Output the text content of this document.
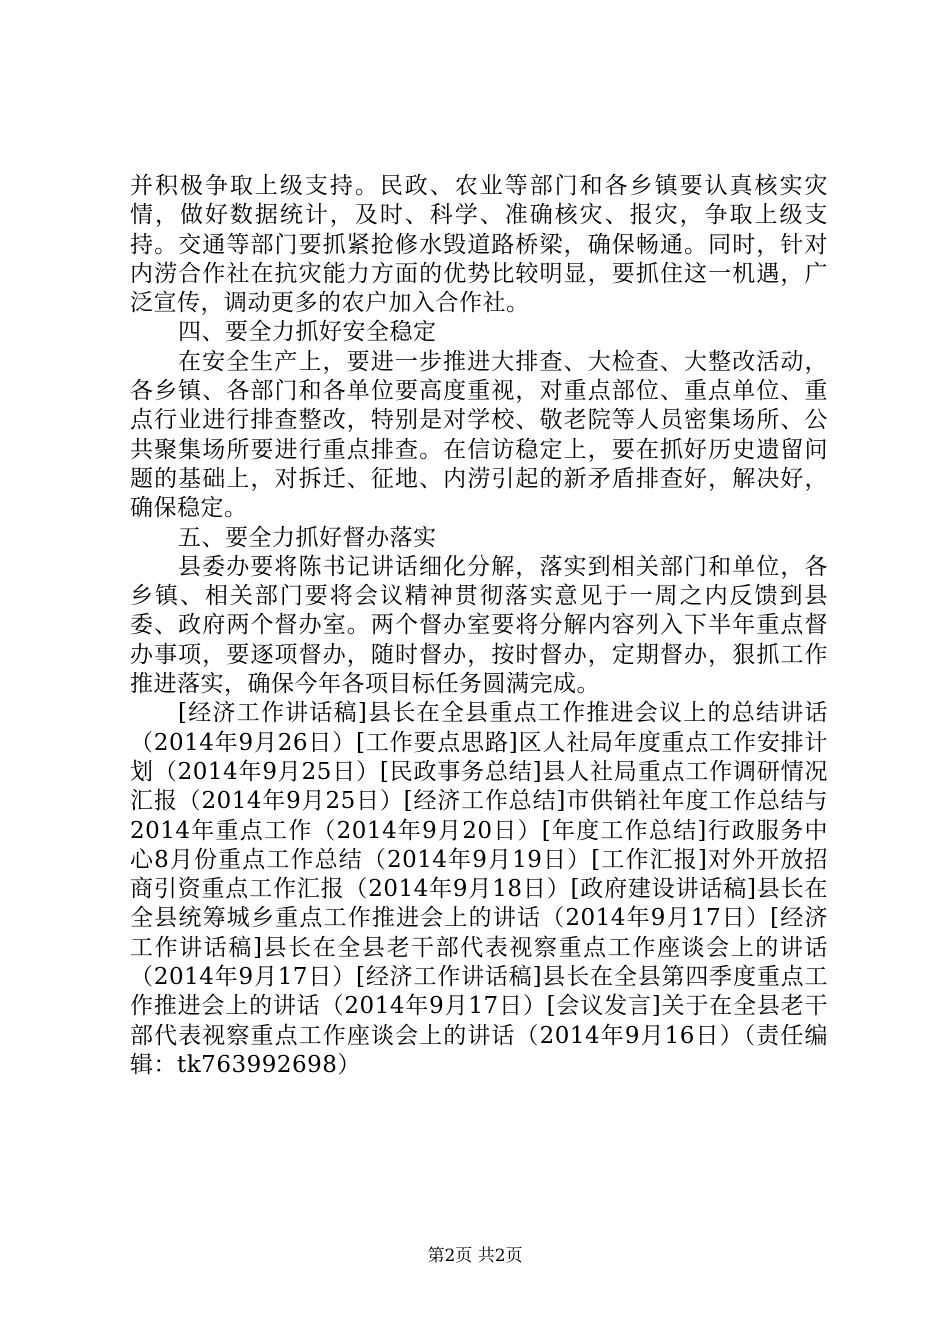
并积极争取上级支持。民政、农业等部门和各乡镇要认真核实灾情，做好数据统计，及时、科学、准确核灾、报灾，争取上级支持。交通等部门要抓紧抢修水毁道路桥梁，确保畅通。同时，针对内涝合作社在抗灾能力方面的优势比较明显，要抓住这一机遇，广泛宣传，调动更多的农户加入合作社。

四、要全力抓好安全稳定

在安全生产上，要进一步推进大排查、大检查、大整改活动，各乡镇、各部门和各单位要高度重视，对重点部位、重点单位、重点行业进行排查整改，特别是对学校、敬老院等人员密集场所、公共聚集场所要进行重点排查。在信访稳定上，要在抓好历史遗留问题的基础上，对拆迁、征地、内涝引起的新矛盾排查好，解决好，确保稳定。

五、要全力抓好督办落实

县委办要将陈书记讲话细化分解，落实到相关部门和单位，各乡镇、相关部门要将会议精神贯彻落实意见于一周之内反馈到县委、政府两个督办室。两个督办室要将分解内容列入下半年重点督办事项，要逐项督办，随时督办，按时督办，定期督办，狠抓工作推进落实，确保今年各项目标任务圆满完成。

[经济工作讲话稿]县长在全县重点工作推进会议上的总结讲话（2014年9月26日）[工作要点思路]区人社局年度重点工作安排计划（2014年9月25日）[民政事务总结]县人社局重点工作调研情况汇报（2014年9月25日）[经济工作总结]市供销社年度工作总结与2014年重点工作（2014年9月20日）[年度工作总结]行政服务中心8月份重点工作总结（2014年9月19日）[工作汇报]对外开放招商引资重点工作汇报（2014年9月18日）[政府建设讲话稿]县长在全县统筹城乡重点工作推进会上的讲话（2014年9月17日）[经济工作讲话稿]县长在全县老干部代表视察重点工作座谈会上的讲话（2014年9月17日）[经济工作讲话稿]县长在全县第四季度重点工作推进会上的讲话（2014年9月17日）[会议发言]关于在全县老干部代表视察重点工作座谈会上的讲话（2014年9月16日）（责任编辑：tk763992698）

第2页 共2页
